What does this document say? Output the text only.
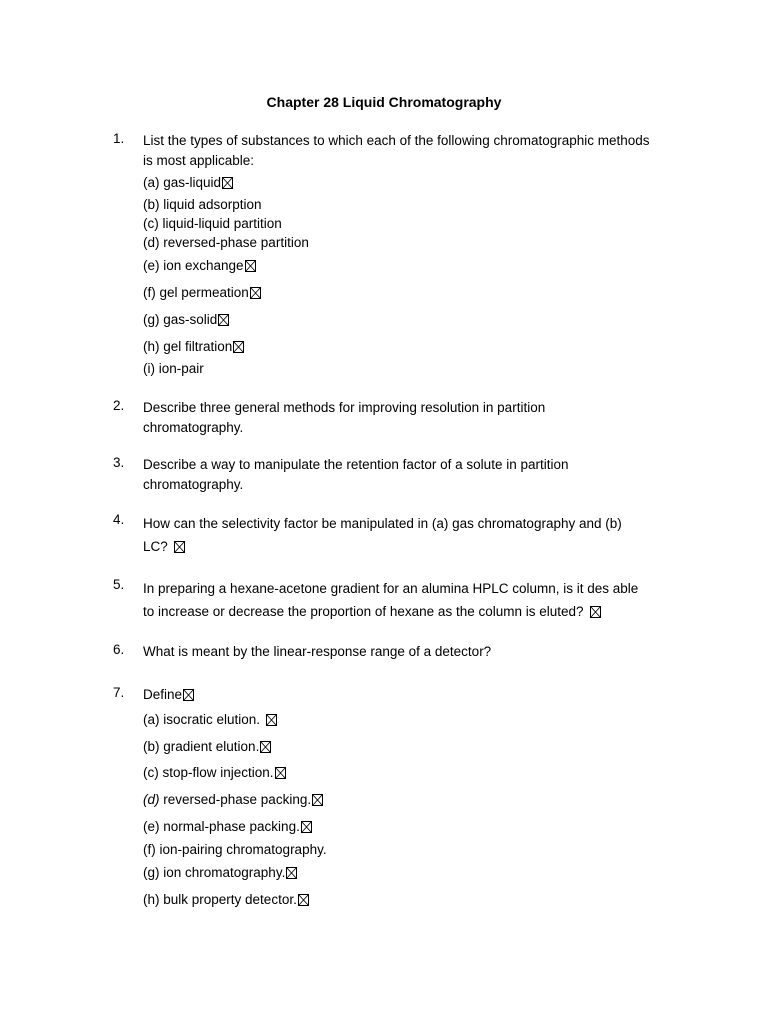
Chapter 28 Liquid Chromatography
1. List the types of substances to which each of the following chromatographic methods is most applicable:
(a) gas-liquid
(b) liquid adsorption
(c) liquid-liquid partition
(d) reversed-phase partition
(e) ion exchange
(f) gel permeation
(g) gas-solid
(h) gel filtration
(i) ion-pair
2. Describe three general methods for improving resolution in partition chromatography.
3. Describe a way to manipulate the retention factor of a solute in partition chromatography.
4. How can the selectivity factor be manipulated in (a) gas chromatography and (b) LC?
5. In preparing a hexane-acetone gradient for an alumina HPLC column, is it des able to increase or decrease the proportion of hexane as the column is eluted?
6. What is meant by the linear-response range of a detector?
7. Define
(a) isocratic elution.
(b) gradient elution.
(c) stop-flow injection.
(d) reversed-phase packing.
(e) normal-phase packing.
(f) ion-pairing chromatography.
(g) ion chromatography.
(h) bulk property detector.
